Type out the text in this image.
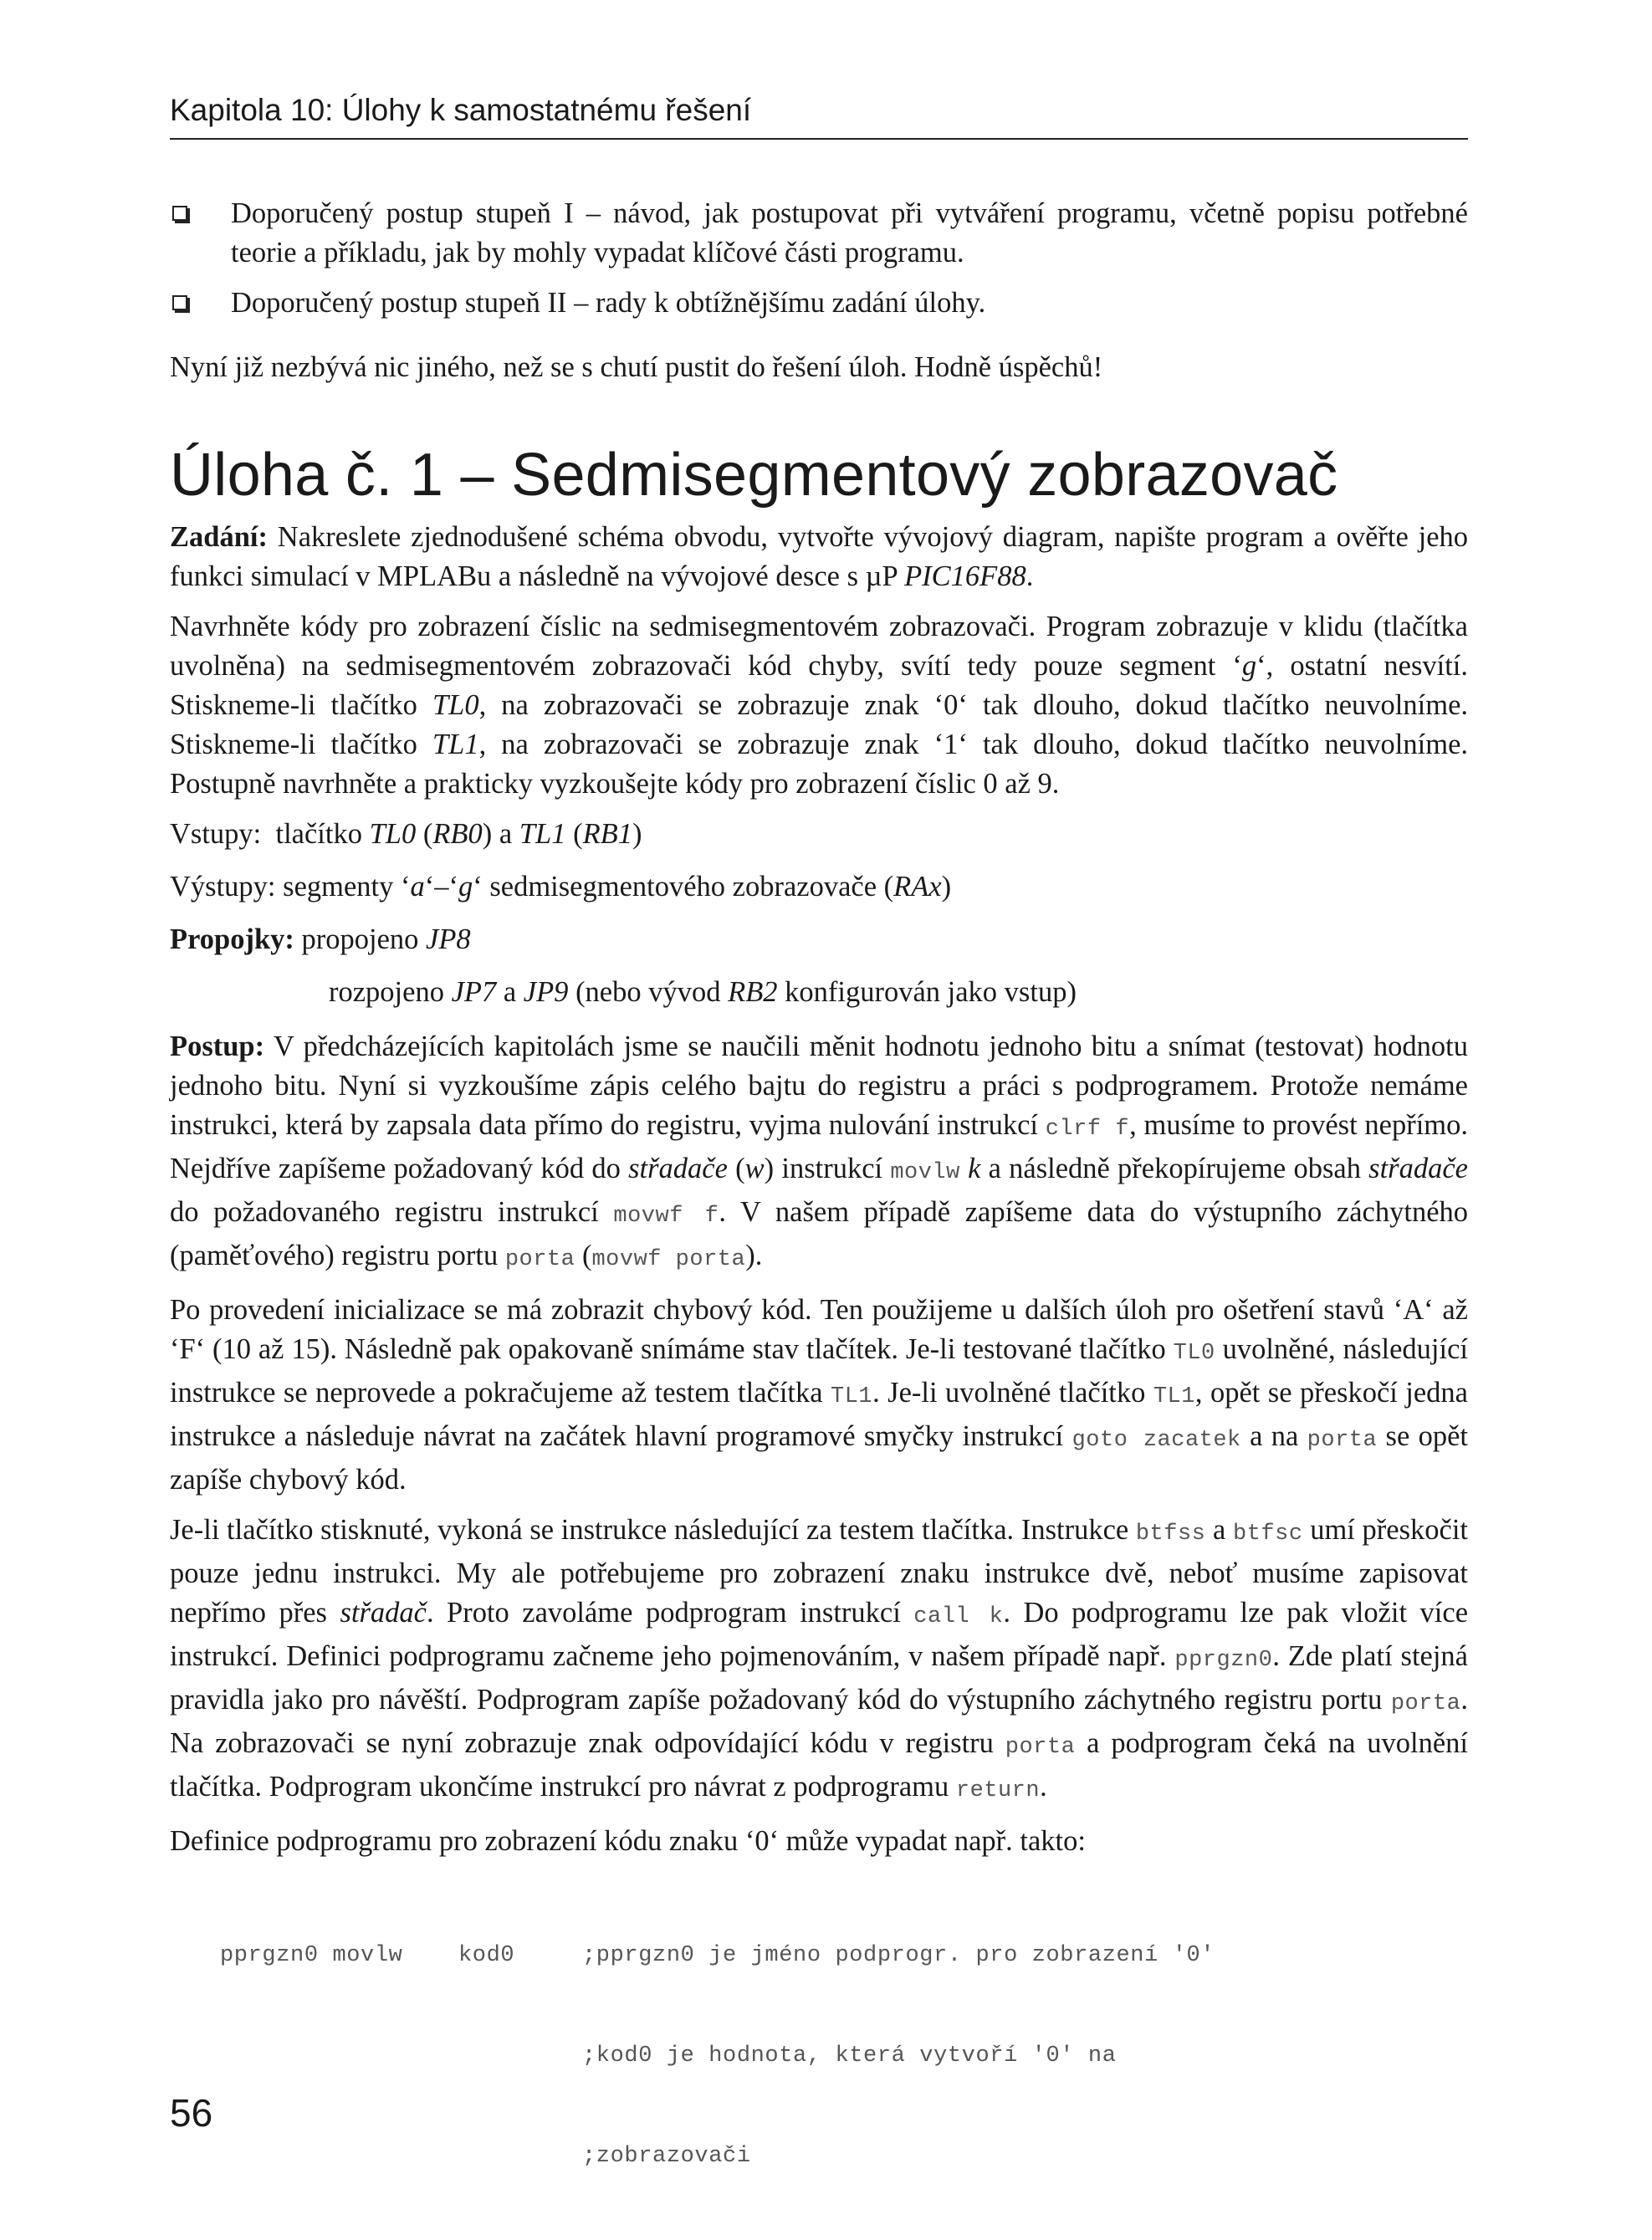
Kapitola 10: Úlohy k samostatnému řešení
Doporučený postup stupeň I – návod, jak postupovat při vytváření programu, včetně popisu potřebné teorie a příkladu, jak by mohly vypadat klíčové části programu.
Doporučený postup stupeň II – rady k obtížnějšímu zadání úlohy.

Nyní již nezbývá nic jiného, než se s chutí pustit do řešení úloh. Hodně úspěchů!

Úloha č. 1 – Sedmisegmentový zobrazovač

Zadání: Nakreslete zjednodušené schéma obvodu, vytvořte vývojový diagram, napište program a ověřte jeho funkci simulací v MPLABu a následně na vývojové desce s µP PIC16F88.

Navrhněte kódy pro zobrazení číslic na sedmisegmentovém zobrazovači. Program zobrazuje v klidu (tlačítka uvolněna) na sedmisegmentovém zobrazovači kód chyby, svítí tedy pouze segment ‘g‘, ostatní nesvítí. Stiskneme-li tlačítko TL0, na zobrazovači se zobrazuje znak ‘0‘ tak dlouho, dokud tlačítko neuvolníme. Stiskneme-li tlačítko TL1, na zobrazovači se zobrazuje znak ‘1‘ tak dlouho, dokud tlačítko neuvolníme. Postupně navrhněte a prakticky vyzkoušejte kódy pro zobrazení číslic 0 až 9.

Vstupy: tlačítko TL0 (RB0) a TL1 (RB1)

Výstupy: segmenty ‘a‘–‘g‘ sedmisegmentového zobrazovače (RAx)

Propojky: propojeno JP8

rozpojeno JP7 a JP9 (nebo vývod RB2 konfigurován jako vstup)

Postup: V předcházejících kapitolách jsme se naučili měnit hodnotu jednoho bitu a snímat (testovat) hodnotu jednoho bitu. Nyní si vyzkoušíme zápis celého bajtu do registru a práci s podprogramem. Protože nemáme instrukci, která by zapsala data přímo do registru, vyjma nulování instrukcí clrf f, musíme to provést nepřímo. Nejdříve zapíšeme požadovaný kód do střadače (w) instrukcí movlw k a následně překopírujeme obsah střadače do požadovaného registru instrukcí movwf f. V našem případě zapíšeme data do výstupního záchytného (paměťového) registru portu porta (movwf porta).

Po provedení inicializace se má zobrazit chybový kód. Ten použijeme u dalších úloh pro ošetření stavů ‘A‘ až ‘F‘ (10 až 15). Následně pak opakovaně snímáme stav tlačítek. Je-li testované tlačítko TL0 uvolněné, následující instrukce se neprovede a pokračujeme až testem tlačítka TL1. Je-li uvolněné tlačítko TL1, opět se přeskočí jedna instrukce a následuje návrat na začátek hlavní programové smyčky instrukcí goto zacatek a na porta se opět zapíše chybový kód.

Je-li tlačítko stisknuté, vykoná se instrukce následující za testem tlačítka. Instrukce btfss a btfsc umí přeskočit pouze jednu instrukci. My ale potřebujeme pro zobrazení znaku instrukce dvě, neboť musíme zapisovat nepřímo přes střadač. Proto zavoláme podprogram instrukcí call k. Do podprogramu lze pak vložit více instrukcí. Definici podprogramu začneme jeho pojmenováním, v našem případě např. pprgzn0. Zde platí stejná pravidla jako pro návěští. Podprogram zapíše požadovaný kód do výstupního záchytného registru portu porta. Na zobrazovači se nyní zobrazuje znak odpovídající kódu v registru porta a podprogram čeká na uvolnění tlačítka. Podprogram ukončíme instrukcí pro návrat z podprogramu return.

Definice podprogramu pro zobrazení kódu znaku ‘0‘ může vypadat např. takto:

pprgzn0 movlw	kod0	;pprgzn0 je jméno podprogr. pro zobrazení '0'

;kod0 je hodnota, která vytvoří '0' na

;zobrazovači

56
